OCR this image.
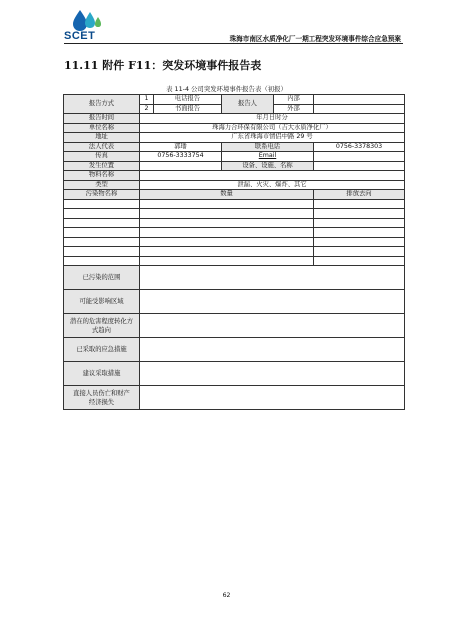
SCET	珠海市南区水质净化厂一期工程突发环境事件综合应急预案
11.11 附件 F11：突发环境事件报告表
表 11-4 公司突发环境事件报告表（初报）
报告方式	1	电话报告	报告人	内部	
	2	书面报告		外部	
报告时间	年月日时分				
单位名称	珠海力合环保有限公司（吉大水质净化厂）				
地址	广东省珠海市情侣中路 29 号				
法人代表	郭璠		联系电话		0756-3378303
传真	0756-3333754		Email		
发生位置			设备、设施、名称		
物料名称					
类型	泄漏、火灾、爆炸、其它				
污染物名称	数量				排放去向

已污染的范围					
可能受影响区域					
潜在的危害程度转化方式趋向					
已采取的应急措施					
建议采取措施					
直接人员伤亡和财产经济损失					
62
